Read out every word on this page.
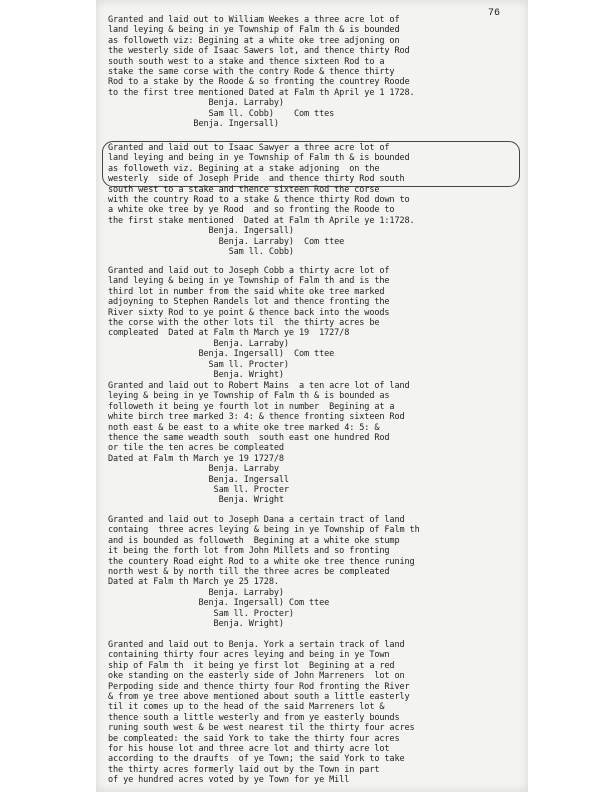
76
Granted and laid out to William Weekes a three acre lot of
land leying & being in ye Township of Falm th & is bounded
as followeth viz: Begining at a white oke tree adjoning on
the westerly side of Isaac Sawers lot, and thence thirty Rod
south south west to a stake and thence sixteen Rod to a
stake the same corse with the contry Rode & thence thirty
Rod to a stake by the Roode & so fronting the countrey Roode
to the first tree mentioned Dated at Falm th April ye 1 1728.
Benja. Larraby)
Sam ll. Cobb)    Com ttes
Benja. Ingersall)
Granted and laid out to Isaac Sawyer a three acre lot of
land leying and being in ye Township of Falm th & is bounded
as followeth viz. Begining at a stake adjoning  on the
westerly  side of Joseph Pride  and thence thirty Rod south
south west to a stake and thence sixteen Rod the corse
with the country Road to a stake & thence thirty Rod down to
a white oke tree by ye Rood  and so fronting the Roode to
the first stake mentioned  Dated at Falm th Aprile ye 1:1728.
Benja. Ingersall)
Benja. Larraby)  Com ttee
Sam ll. Cobb)
Granted and laid out to Joseph Cobb a thirty acre lot of
land leying & being in ye Township of Falm th and is the
third lot in number from the said white oke tree marked
adjoyning to Stephen Randels lot and thence fronting the
River sixty Rod to ye point & thence back into the woods
the corse with the other lots til  the thirty acres be
compleated  Dated at Falm th March ye 19  1727/8
Benja. Larraby)
Benja. Ingersall)  Com ttee
Sam ll. Procter)
Benja. Wright)
Granted and laid out to Robert Mains  a ten acre lot of land
leying & being in ye Township of Falm th & is bounded as
followeth it being ye fourth lot in number  Begining at a
white birch tree marked 3: 4: & thence fronting sixteen Rod
noth east & be east to a white oke tree marked 4: 5: &
thence the same weadth south  south east one hundred Rod
or tile the ten acres be compleated
Dated at Falm th March ye 19 1727/8
Benja. Larraby
Benja. Ingersall
Sam ll. Procter
Benja. Wright
Granted and laid out to Joseph Dana a certain tract of land
containg  three acres leying & being in ye Township of Falm th
and is bounded as followeth  Begining at a white oke stump
it being the forth lot from John Millets and so fronting
the countery Road eight Rod to a white oke tree thence runing
north west & by north till the three acres be compleated
Dated at Falm th March ye 25 1728.
Benja. Larraby)
Benja. Ingersall) Com ttee
Sam ll. Procter)
Benja. Wright)
Granted and laid out to Benja. York a sertain track of land
containing thirty four acres leying and being in ye Town
ship of Falm th  it being ye first lot  Begining at a red
oke standing on the easterly side of John Marreners  lot on
Perpoding side and thence thirty four Rod fronting the River
& from ye tree above mentioned about south a little easterly
til it comes up to the head of the said Marreners lot &
thence south a little westerly and from ye easterly bounds
runing south west & be west nearest til the thirty four acres
be compleated: the said York to take the thirty four acres
for his house lot and three acre lot and thirty acre lot
according to the draufts  of ye Town; the said York to take
the thirty acres formerly laid out by the Town in part
of ye hundred acres voted by ye Town for ye Mill
